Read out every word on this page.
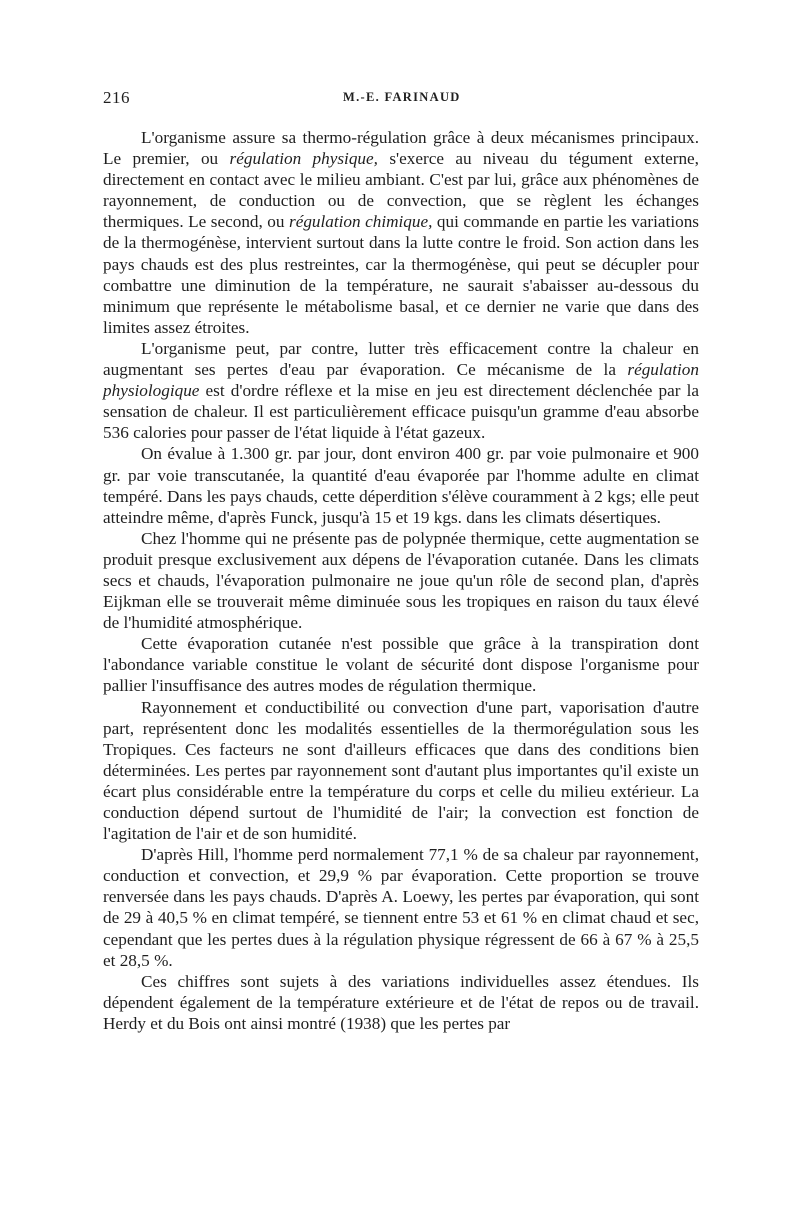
216	M.-E. FARINAUD

L'organisme assure sa thermo-régulation grâce à deux mécanismes principaux. Le premier, ou régulation physique, s'exerce au niveau du tégument externe, directement en contact avec le milieu ambiant. C'est par lui, grâce aux phénomènes de rayonnement, de conduction ou de convection, que se règlent les échanges thermiques. Le second, ou régulation chimique, qui commande en partie les variations de la thermogénèse, intervient surtout dans la lutte contre le froid. Son action dans les pays chauds est des plus restreintes, car la thermogénèse, qui peut se décupler pour combattre une diminution de la température, ne saurait s'abaisser au-dessous du minimum que représente le métabolisme basal, et ce dernier ne varie que dans des limites assez étroites.

L'organisme peut, par contre, lutter très efficacement contre la chaleur en augmentant ses pertes d'eau par évaporation. Ce mécanisme de la régulation physiologique est d'ordre réflexe et la mise en jeu est directement déclenchée par la sensation de chaleur. Il est particulièrement efficace puisqu'un gramme d'eau absorbe 536 calories pour passer de l'état liquide à l'état gazeux.

On évalue à 1.300 gr. par jour, dont environ 400 gr. par voie pulmonaire et 900 gr. par voie transcutanée, la quantité d'eau évaporée par l'homme adulte en climat tempéré. Dans les pays chauds, cette déperdition s'élève couramment à 2 kgs; elle peut atteindre même, d'après Funck, jusqu'à 15 et 19 kgs. dans les climats désertiques.

Chez l'homme qui ne présente pas de polypnée thermique, cette augmentation se produit presque exclusivement aux dépens de l'évaporation cutanée. Dans les climats secs et chauds, l'évaporation pulmonaire ne joue qu'un rôle de second plan, d'après Eijkman elle se trouverait même diminuée sous les tropiques en raison du taux élevé de l'humidité atmosphérique.

Cette évaporation cutanée n'est possible que grâce à la transpiration dont l'abondance variable constitue le volant de sécurité dont dispose l'organisme pour pallier l'insuffisance des autres modes de régulation thermique.

Rayonnement et conductibilité ou convection d'une part, vaporisation d'autre part, représentent donc les modalités essentielles de la thermorégulation sous les Tropiques. Ces facteurs ne sont d'ailleurs efficaces que dans des conditions bien déterminées. Les pertes par rayonnement sont d'autant plus importantes qu'il existe un écart plus considérable entre la température du corps et celle du milieu extérieur. La conduction dépend surtout de l'humidité de l'air; la convection est fonction de l'agitation de l'air et de son humidité.

D'après Hill, l'homme perd normalement 77,1 % de sa chaleur par rayonnement, conduction et convection, et 29,9 % par évaporation. Cette proportion se trouve renversée dans les pays chauds. D'après A. Loewy, les pertes par évaporation, qui sont de 29 à 40,5 % en climat tempéré, se tiennent entre 53 et 61 % en climat chaud et sec, cependant que les pertes dues à la régulation physique régressent de 66 à 67 % à 25,5 et 28,5 %.

Ces chiffres sont sujets à des variations individuelles assez étendues. Ils dépendent également de la température extérieure et de l'état de repos ou de travail. Herdy et du Bois ont ainsi montré (1938) que les pertes par
